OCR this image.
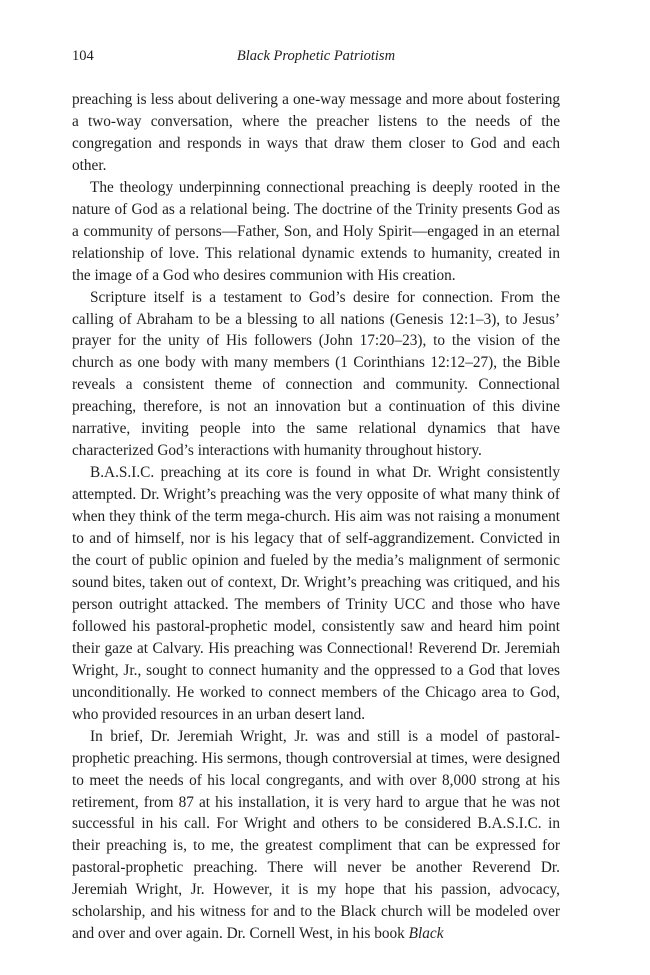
104	Black Prophetic Patriotism

preaching is less about delivering a one-way message and more about fostering a two-way conversation, where the preacher listens to the needs of the congregation and responds in ways that draw them closer to God and each other.

The theology underpinning connectional preaching is deeply rooted in the nature of God as a relational being. The doctrine of the Trinity presents God as a community of persons—Father, Son, and Holy Spirit—engaged in an eternal relationship of love. This relational dynamic extends to humanity, created in the image of a God who desires communion with His creation.

Scripture itself is a testament to God’s desire for connection. From the calling of Abraham to be a blessing to all nations (Genesis 12:1–3), to Jesus’ prayer for the unity of His followers (John 17:20–23), to the vision of the church as one body with many members (1 Corinthians 12:12–27), the Bible reveals a consistent theme of connection and community. Connectional preaching, therefore, is not an innovation but a continuation of this divine narrative, inviting people into the same relational dynamics that have characterized God’s interactions with humanity throughout history.

B.A.S.I.C. preaching at its core is found in what Dr. Wright consistently attempted. Dr. Wright’s preaching was the very opposite of what many think of when they think of the term mega-church. His aim was not raising a monument to and of himself, nor is his legacy that of self-aggrandizement. Convicted in the court of public opinion and fueled by the media’s malignment of sermonic sound bites, taken out of context, Dr. Wright’s preaching was critiqued, and his person outright attacked. The members of Trinity UCC and those who have followed his pastoral-prophetic model, consistently saw and heard him point their gaze at Calvary. His preaching was Connectional! Reverend Dr. Jeremiah Wright, Jr., sought to connect humanity and the oppressed to a God that loves unconditionally. He worked to connect members of the Chicago area to God, who provided resources in an urban desert land.

In brief, Dr. Jeremiah Wright, Jr. was and still is a model of pastoral-prophetic preaching. His sermons, though controversial at times, were designed to meet the needs of his local congregants, and with over 8,000 strong at his retirement, from 87 at his installation, it is very hard to argue that he was not successful in his call. For Wright and others to be considered B.A.S.I.C. in their preaching is, to me, the greatest compliment that can be expressed for pastoral-prophetic preaching. There will never be another Reverend Dr. Jeremiah Wright, Jr. However, it is my hope that his passion, advocacy, scholarship, and his witness for and to the Black church will be modeled over and over and over again. Dr. Cornell West, in his book Black
